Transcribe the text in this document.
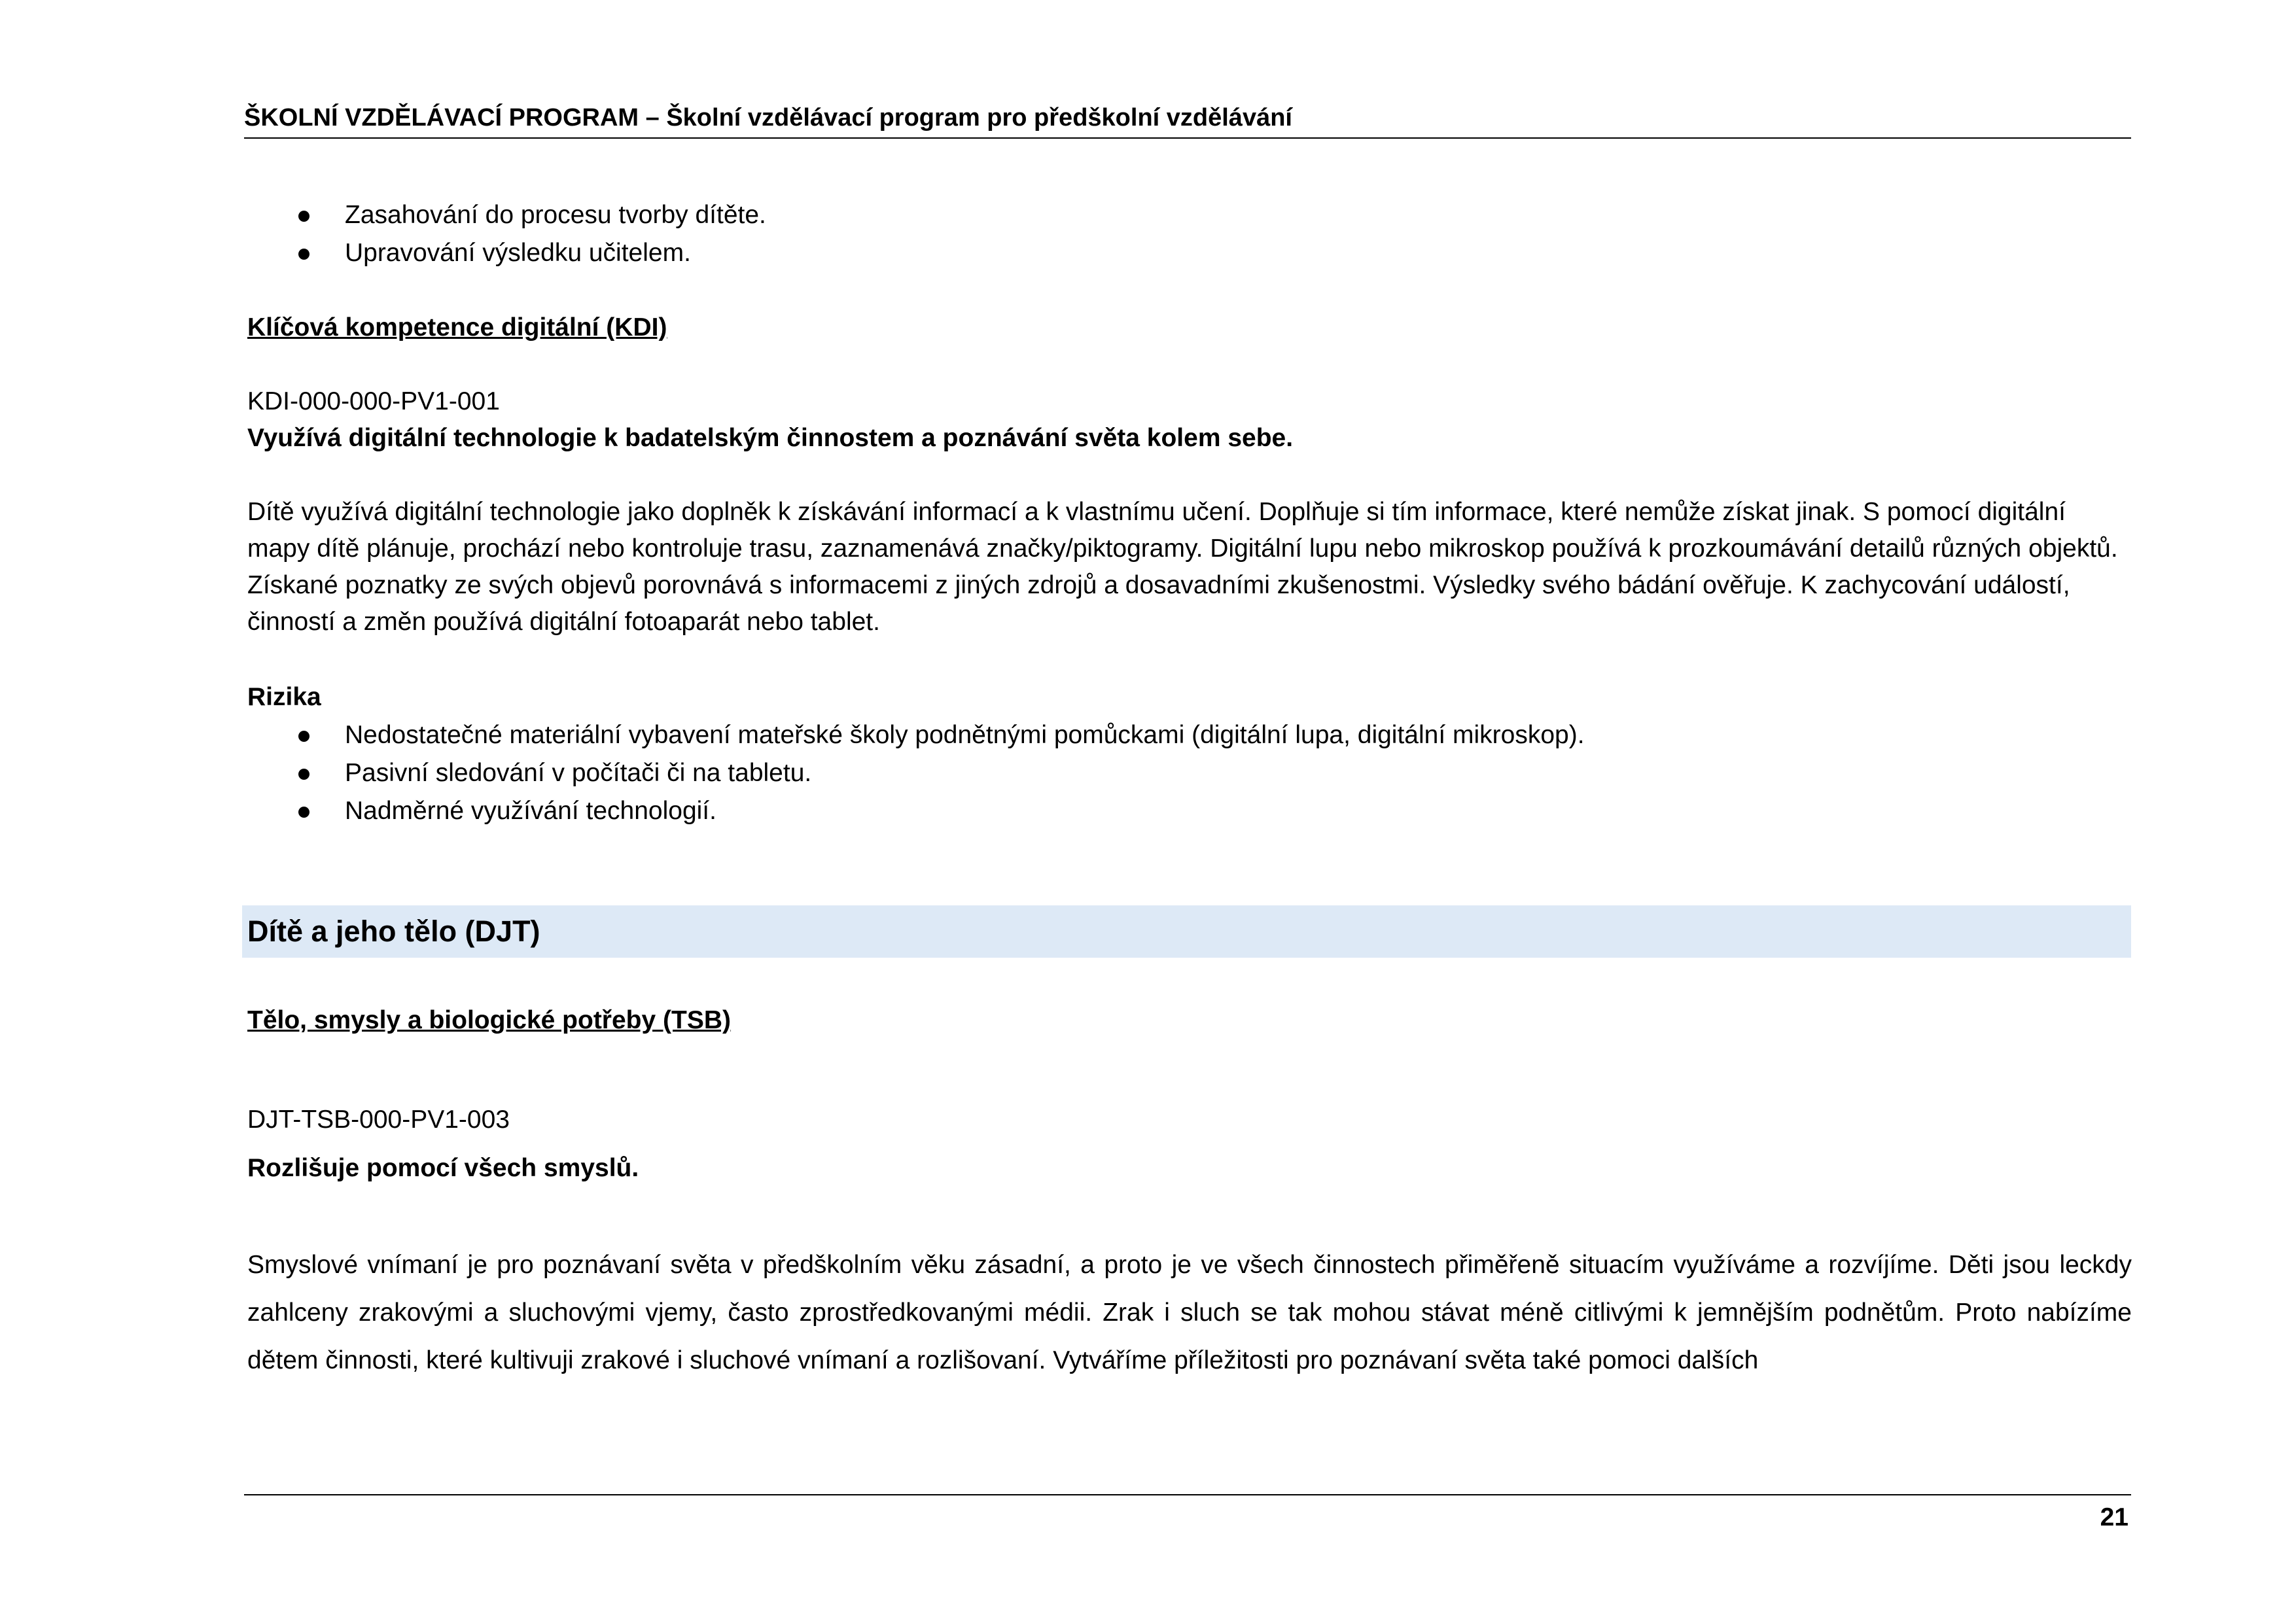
ŠKOLNÍ VZDĚLÁVACÍ PROGRAM – Školní vzdělávací program pro předškolní vzdělávání
Zasahování do procesu tvorby dítěte.
Upravování výsledku učitelem.
Klíčová kompetence digitální (KDI)
KDI-000-000-PV1-001
Využívá digitální technologie k badatelským činnostem a poznávání světa kolem sebe.
Dítě využívá digitální technologie jako doplněk k získávání informací a k vlastnímu učení. Doplňuje si tím informace, které nemůže získat jinak. S pomocí digitální mapy dítě plánuje, prochází nebo kontroluje trasu, zaznamenává značky/piktogramy. Digitální lupu nebo mikroskop používá k prozkoumávání detailů různých objektů. Získané poznatky ze svých objevů porovnává s informacemi z jiných zdrojů a dosavadními zkušenostmi. Výsledky svého bádání ověřuje. K zachycování událostí, činností a změn používá digitální fotoaparát nebo tablet.
Rizika
Nedostatečné materiální vybavení mateřské školy podnětnými pomůckami (digitální lupa, digitální mikroskop).
Pasivní sledování v počítači či na tabletu.
Nadměrné využívání technologií.
Dítě a jeho tělo (DJT)
Tělo, smysly a biologické potřeby (TSB)
DJT-TSB-000-PV1-003
Rozlišuje pomocí všech smyslů.
Smyslové vnímaní je pro poznávaní světa v předškolním věku zásadní, a proto je ve všech činnostech přiměřeně situacím využíváme a rozvíjíme. Děti jsou leckdy zahlceny zrakovými a sluchovými vjemy, často zprostředkovanými médii. Zrak i sluch se tak mohou stávat méně citlivými k jemnějším podnětům. Proto nabízíme dětem činnosti, které kultivuji zrakové i sluchové vnímaní a rozlišovaní. Vytváříme příležitosti pro poznávaní světa také pomoci dalších
21
